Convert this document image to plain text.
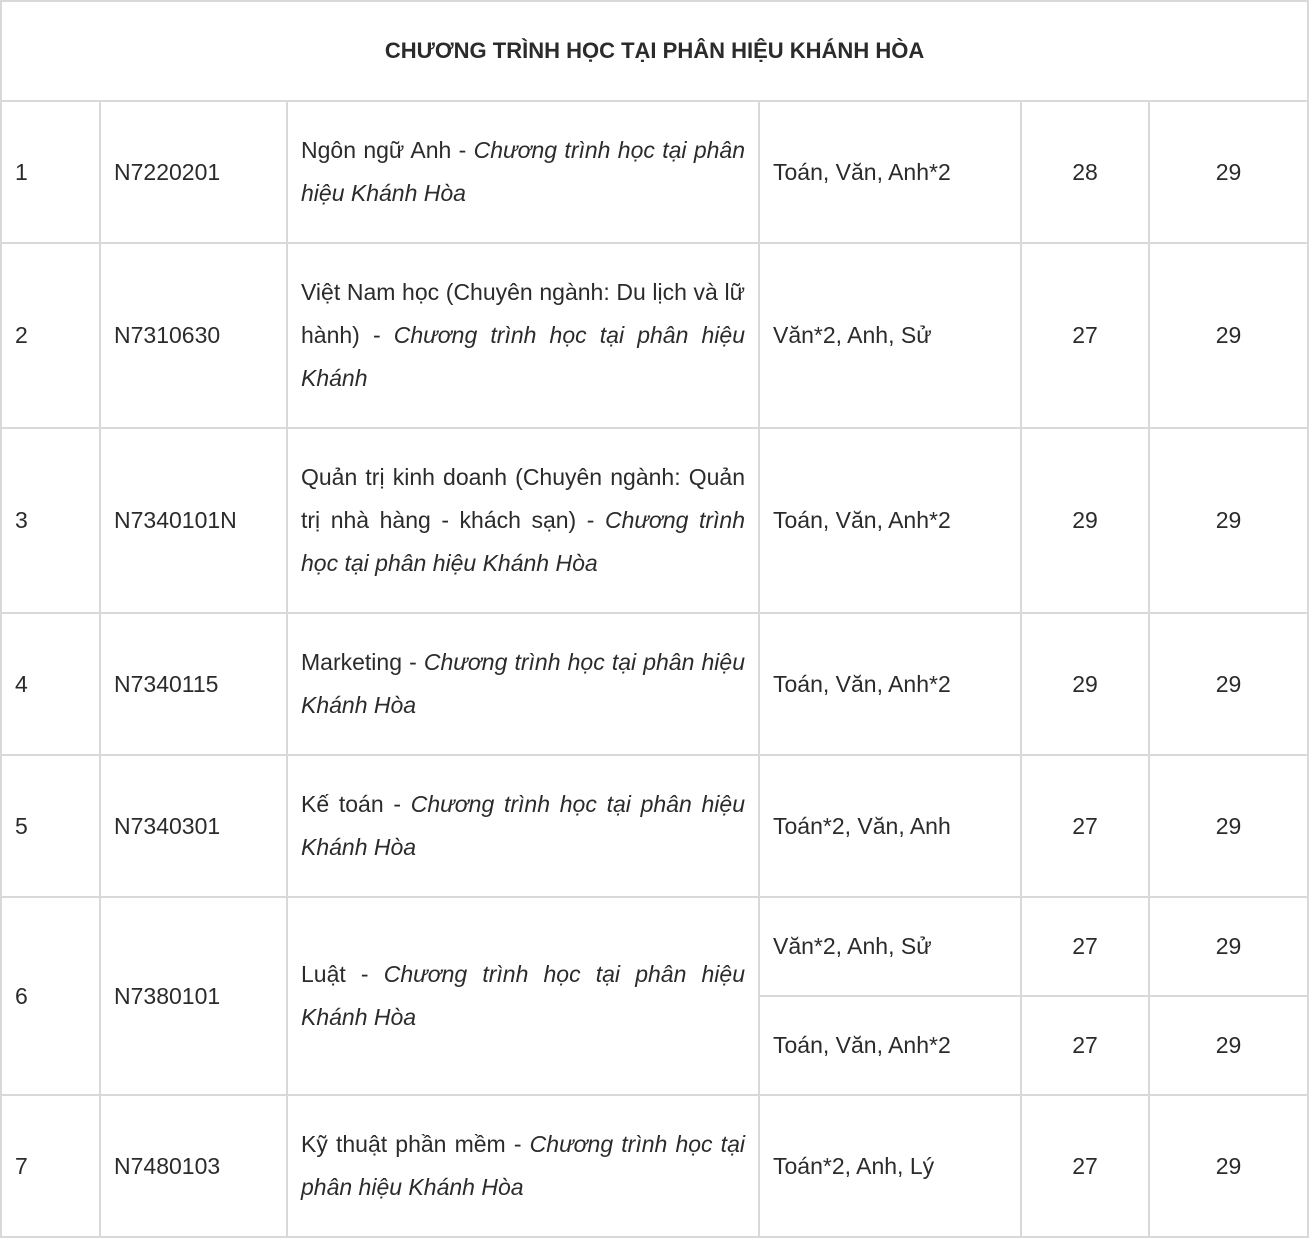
CHƯƠNG TRÌNH HỌC TẠI PHÂN HIỆU KHÁNH HÒA					
1	N7220201	Ngôn ngữ Anh - Chương trình học tại phân hiệu Khánh Hòa	Toán, Văn, Anh*2	28	29
2	N7310630	Việt Nam học (Chuyên ngành: Du lịch và lữ hành) - Chương trình học tại phân hiệu Khánh	Văn*2, Anh, Sử	27	29
3	N7340101N	Quản trị kinh doanh (Chuyên ngành: Quản trị nhà hàng - khách sạn) - Chương trình học tại phân hiệu Khánh Hòa	Toán, Văn, Anh*2	29	29
4	N7340115	Marketing - Chương trình học tại phân hiệu Khánh Hòa	Toán, Văn, Anh*2	29	29
5	N7340301	Kế toán - Chương trình học tại phân hiệu Khánh Hòa	Toán*2, Văn, Anh	27	29
6	N7380101	Luật - Chương trình học tại phân hiệu Khánh Hòa	Văn*2, Anh, Sử	27	29
			Toán, Văn, Anh*2	27	29
7	N7480103	Kỹ thuật phần mềm - Chương trình học tại phân hiệu Khánh Hòa	Toán*2, Anh, Lý	27	29
